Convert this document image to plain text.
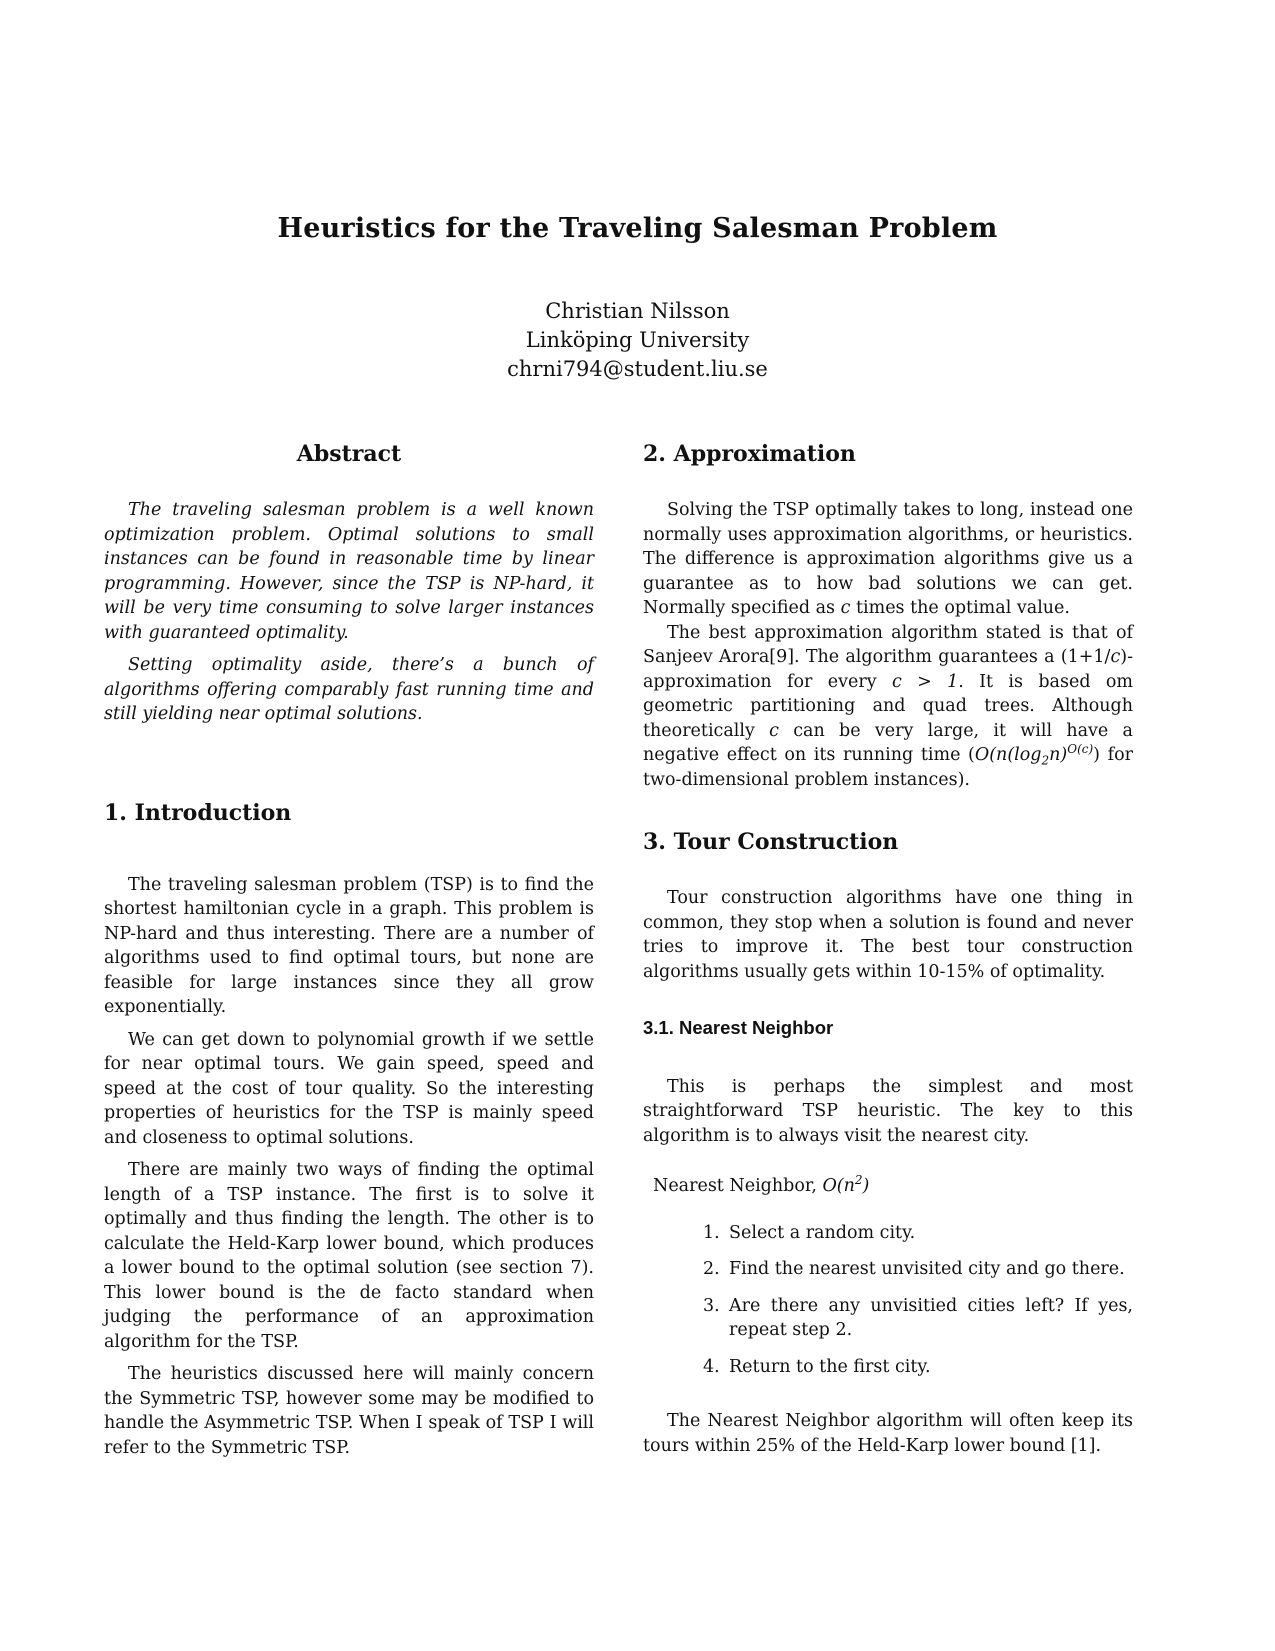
Heuristics for the Traveling Salesman Problem
Christian Nilsson
Linköping University
chrni794@student.liu.se
Abstract

The traveling salesman problem is a well known optimization problem. Optimal solutions to small instances can be found in reasonable time by linear programming. However, since the TSP is NP-hard, it will be very time consuming to solve larger instances with guaranteed optimality.

Setting optimality aside, there’s a bunch of algorithms offering comparably fast running time and still yielding near optimal solutions.

1. Introduction

The traveling salesman problem (TSP) is to find the shortest hamiltonian cycle in a graph. This problem is NP-hard and thus interesting. There are a number of algorithms used to find optimal tours, but none are feasible for large instances since they all grow exponentially.

We can get down to polynomial growth if we settle for near optimal tours. We gain speed, speed and speed at the cost of tour quality. So the interesting properties of heuristics for the TSP is mainly speed and closeness to optimal solutions.

There are mainly two ways of finding the optimal length of a TSP instance. The first is to solve it optimally and thus finding the length. The other is to calculate the Held-Karp lower bound, which produces a lower bound to the optimal solution (see section 7). This lower bound is the de facto standard when judging the performance of an approximation algorithm for the TSP.

The heuristics discussed here will mainly concern the Symmetric TSP, however some may be modified to handle the Asymmetric TSP. When I speak of TSP I will refer to the Symmetric TSP.

2. Approximation

Solving the TSP optimally takes to long, instead one normally uses approximation algorithms, or heuristics. The difference is approximation algorithms give us a guarantee as to how bad solutions we can get. Normally specified as c times the optimal value.

The best approximation algorithm stated is that of Sanjeev Arora[9]. The algorithm guarantees a (1+1/c)-approximation for every c > 1. It is based om geometric partitioning and quad trees. Although theoretically c can be very large, it will have a negative effect on its running time ($O(n(\log_2n)^{O(c)})$ for two-dimensional problem instances).

3. Tour Construction

Tour construction algorithms have one thing in common, they stop when a solution is found and never tries to improve it. The best tour construction algorithms usually gets within 10-15% of optimality.

3.1. Nearest Neighbor

This is perhaps the simplest and most straightforward TSP heuristic. The key to this algorithm is to always visit the nearest city.

Nearest Neighbor, $O(n^2)$

1. Select a random city.
2. Find the nearest unvisited city and go there.
3. Are there any unvisitied cities left? If yes, repeat step 2.
4. Return to the first city.

The Nearest Neighbor algorithm will often keep its tours within 25% of the Held-Karp lower bound [1].
